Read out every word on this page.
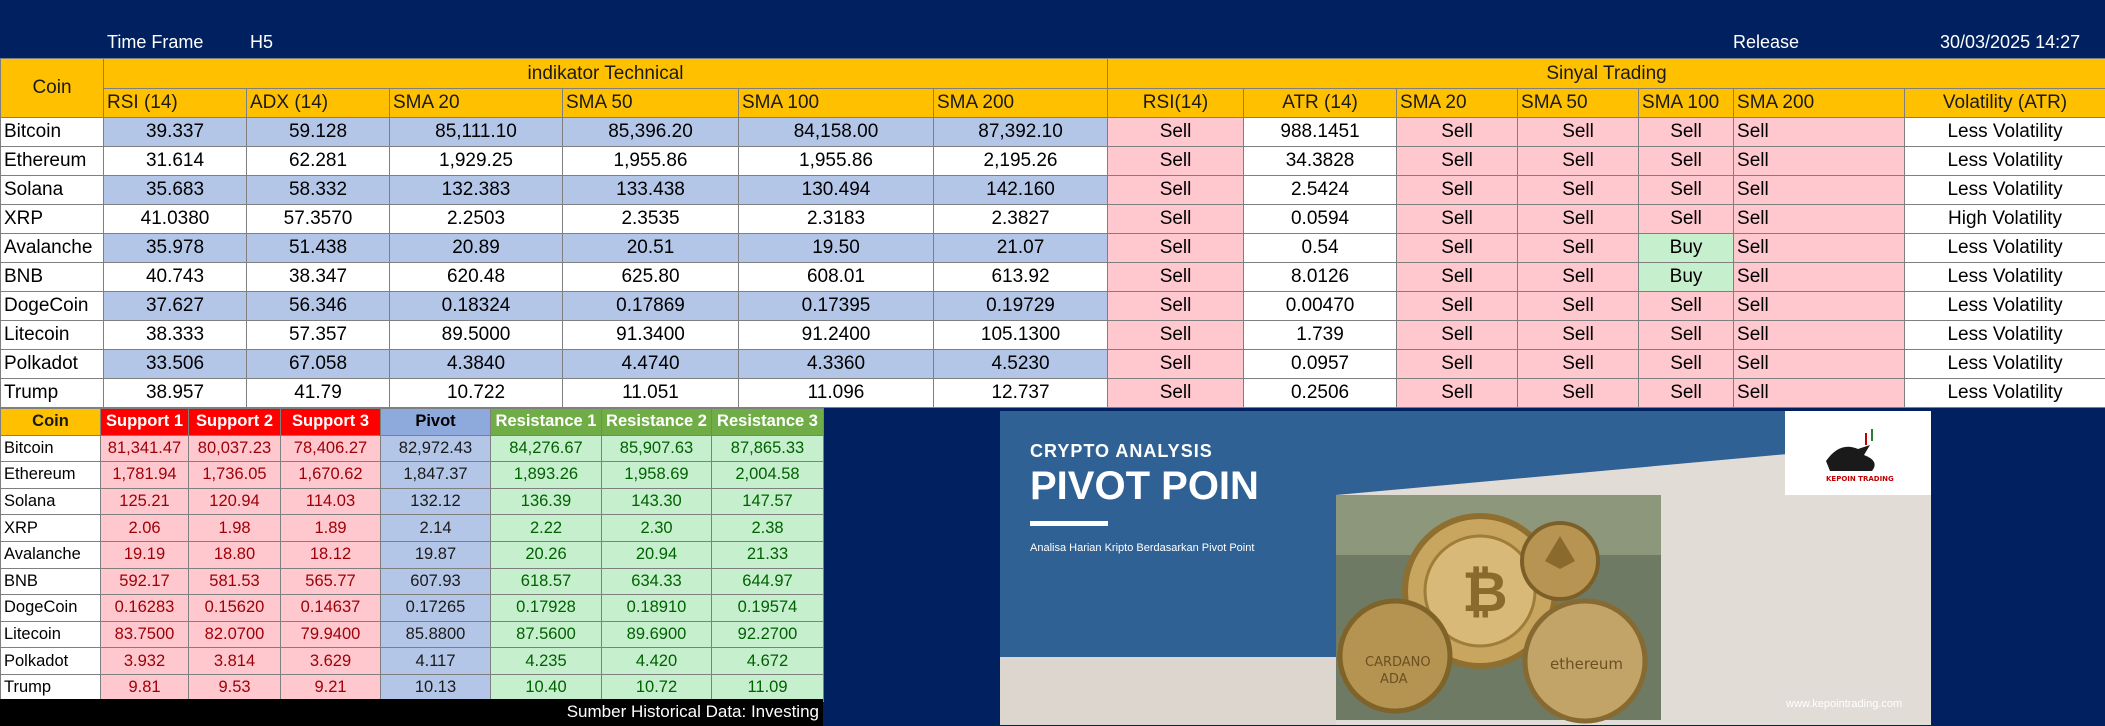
Time Frame	H5	Release	30/03/2025 14:27
Coin	indikator Technical						Sinyal Trading						
	RSI (14)	ADX (14)	SMA 20	SMA 50	SMA 100	SMA 200	RSI(14)	ATR (14)	SMA 20	SMA 50	SMA 100	SMA 200	Volatility (ATR)
Bitcoin	39.337	59.128	85,111.10	85,396.20	84,158.00	87,392.10	Sell	988.1451	Sell	Sell	Sell	Sell	Less Volatility
Ethereum	31.614	62.281	1,929.25	1,955.86	1,955.86	2,195.26	Sell	34.3828	Sell	Sell	Sell	Sell	Less Volatility
Solana	35.683	58.332	132.383	133.438	130.494	142.160	Sell	2.5424	Sell	Sell	Sell	Sell	Less Volatility
XRP	41.0380	57.3570	2.2503	2.3535	2.3183	2.3827	Sell	0.0594	Sell	Sell	Sell	Sell	High Volatility
Avalanche	35.978	51.438	20.89	20.51	19.50	21.07	Sell	0.54	Sell	Sell	Buy	Sell	Less Volatility
BNB	40.743	38.347	620.48	625.80	608.01	613.92	Sell	8.0126	Sell	Sell	Buy	Sell	Less Volatility
DogeCoin	37.627	56.346	0.18324	0.17869	0.17395	0.19729	Sell	0.00470	Sell	Sell	Sell	Sell	Less Volatility
Litecoin	38.333	57.357	89.5000	91.3400	91.2400	105.1300	Sell	1.739	Sell	Sell	Sell	Sell	Less Volatility
Polkadot	33.506	67.058	4.3840	4.4740	4.3360	4.5230	Sell	0.0957	Sell	Sell	Sell	Sell	Less Volatility
Trump	38.957	41.79	10.722	11.051	11.096	12.737	Sell	0.2506	Sell	Sell	Sell	Sell	Less Volatility
Coin	Support 1	Support 2	Support 3	Pivot	Resistance 1	Resistance 2	Resistance 3
Bitcoin	81,341.47	80,037.23	78,406.27	82,972.43	84,276.67	85,907.63	87,865.33
Ethereum	1,781.94	1,736.05	1,670.62	1,847.37	1,893.26	1,958.69	2,004.58
Solana	125.21	120.94	114.03	132.12	136.39	143.30	147.57
XRP	2.06	1.98	1.89	2.14	2.22	2.30	2.38
Avalanche	19.19	18.80	18.12	19.87	20.26	20.94	21.33
BNB	592.17	581.53	565.77	607.93	618.57	634.33	644.97
DogeCoin	0.16283	0.15620	0.14637	0.17265	0.17928	0.18910	0.19574
Litecoin	83.7500	82.0700	79.9400	85.8800	87.5600	89.6900	92.2700
Polkadot	3.932	3.814	3.629	4.117	4.235	4.420	4.672
Trump	9.81	9.53	9.21	10.13	10.40	10.72	11.09
Sumber Historical Data: Investing
₿
CARDANO
ADA
ethereum
KEPOIN TRADING
CRYPTO ANALYSIS
PIVOT POIN
Analisa Harian Kripto Berdasarkan Pivot Point
www.kepointrading.com
